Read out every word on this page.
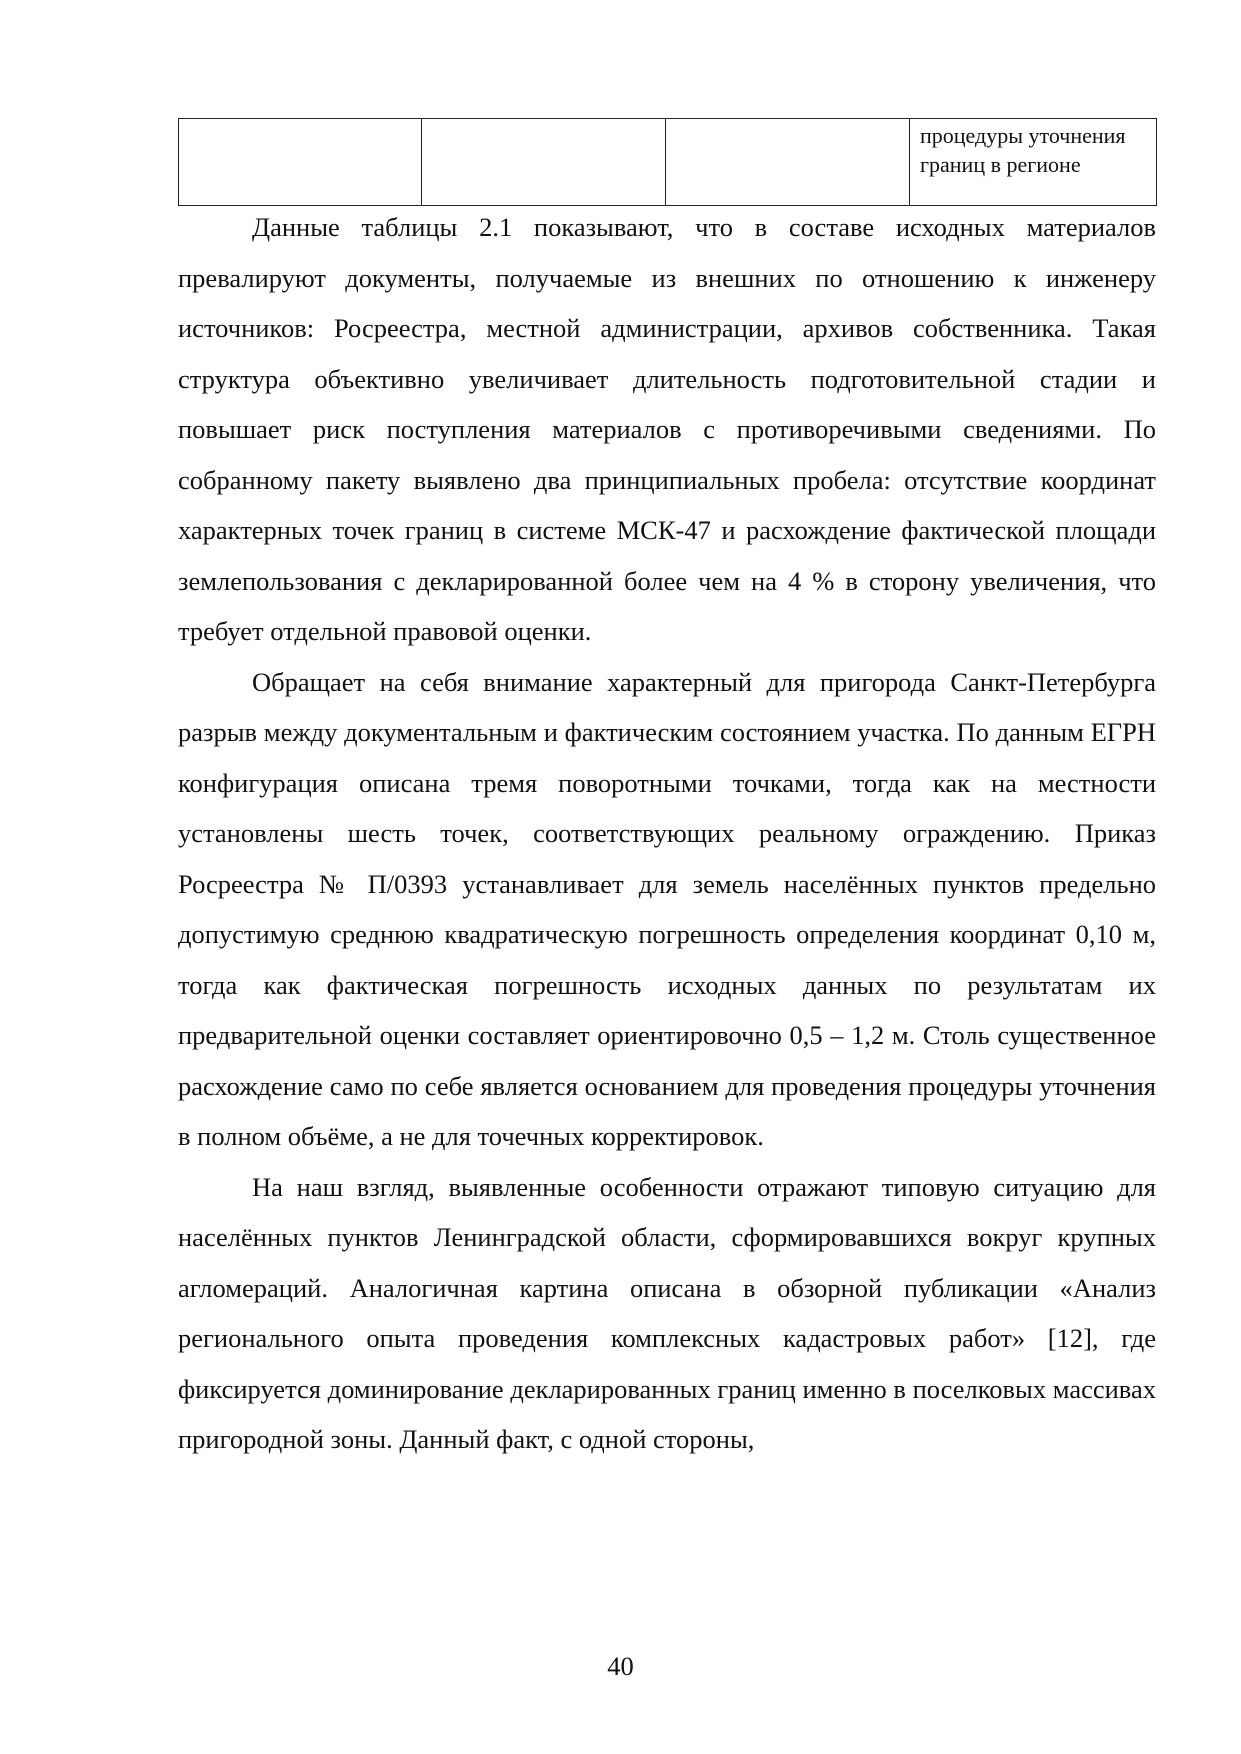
			процедуры уточнения границ в регионе

Данные таблицы 2.1 показывают, что в составе исходных материалов превалируют документы, получаемые из внешних по отношению к инженеру источников: Росреестра, местной администрации, архивов собственника. Такая структура объективно увеличивает длительность подготовительной стадии и повышает риск поступления материалов с противоречивыми сведениями. По собранному пакету выявлено два принципиальных пробела: отсутствие координат характерных точек границ в системе МСК-47 и расхождение фактической площади землепользования с декларированной более чем на 4 % в сторону увеличения, что требует отдельной правовой оценки.

Обращает на себя внимание характерный для пригорода Санкт-Петербурга разрыв между документальным и фактическим состоянием участка. По данным ЕГРН конфигурация описана тремя поворотными точками, тогда как на местности установлены шесть точек, соответствующих реальному ограждению. Приказ Росреестра № П/0393 устанавливает для земель населённых пунктов предельно допустимую среднюю квадратическую погрешность определения координат 0,10 м, тогда как фактическая погрешность исходных данных по результатам их предварительной оценки составляет ориентировочно 0,5 – 1,2 м. Столь существенное расхождение само по себе является основанием для проведения процедуры уточнения в полном объёме, а не для точечных корректировок.

На наш взгляд, выявленные особенности отражают типовую ситуацию для населённых пунктов Ленинградской области, сформировавшихся вокруг крупных агломераций. Аналогичная картина описана в обзорной публикации «Анализ регионального опыта проведения комплексных кадастровых работ» [12], где фиксируется доминирование декларированных границ именно в поселковых массивах пригородной зоны. Данный факт, с одной стороны,

40
